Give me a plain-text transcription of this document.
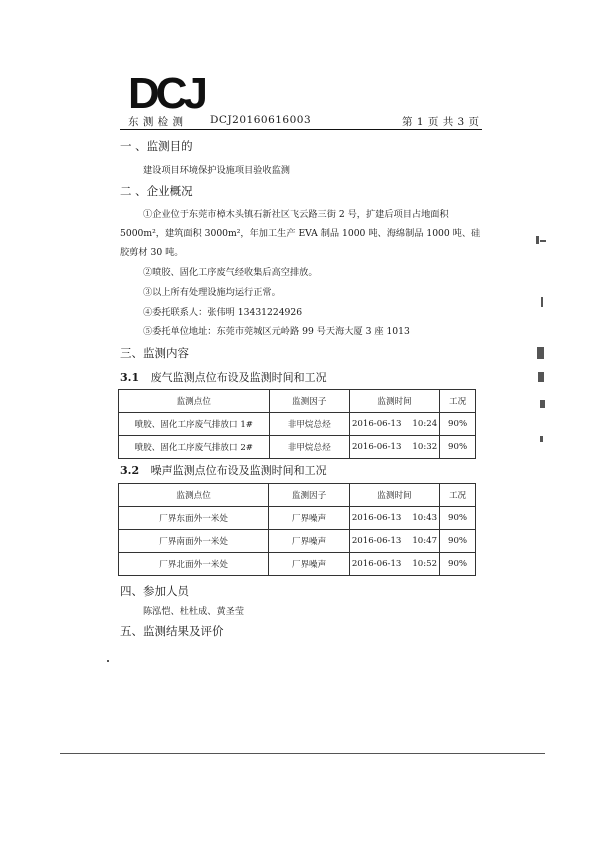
DCJ
东 测 检 测	DCJ20160616003	第 1 页 共 3 页
一 、监测目的
建设项目环境保护设施项目验收监测
二 、企业概况
①企业位于东莞市樟木头镇石新社区飞云路三街 2 号，扩建后项目占地面积
5000m²，建筑面积 3000m²，年加工生产 EVA 制品 1000 吨、海绵制品 1000 吨、硅
胶剪材 30 吨。
②喷胶、固化工序废气经收集后高空排放。
③以上所有处理设施均运行正常。
④委托联系人：张伟明 13431224926
⑤委托单位地址：东莞市莞城区元岭路 99 号天海大厦 3 座 1013
三、监测内容
3.1 废气监测点位布设及监测时间和工况
监测点位	监测因子	监测时间	工况
喷胶、固化工序废气排放口 1#	非甲烷总烃	2016-06-13    10:24	90%
喷胶、固化工序废气排放口 2#	非甲烷总烃	2016-06-13    10:32	90%
3.2 噪声监测点位布设及监测时间和工况
监测点位	监测因子	监测时间	工况
厂界东面外一米处	厂界噪声	2016-06-13    10:43	90%
厂界南面外一米处	厂界噪声	2016-06-13    10:47	90%
厂界北面外一米处	厂界噪声	2016-06-13    10:52	90%
四、参加人员
陈泓恺、杜杜成、黄圣莹
五、监测结果及评价
